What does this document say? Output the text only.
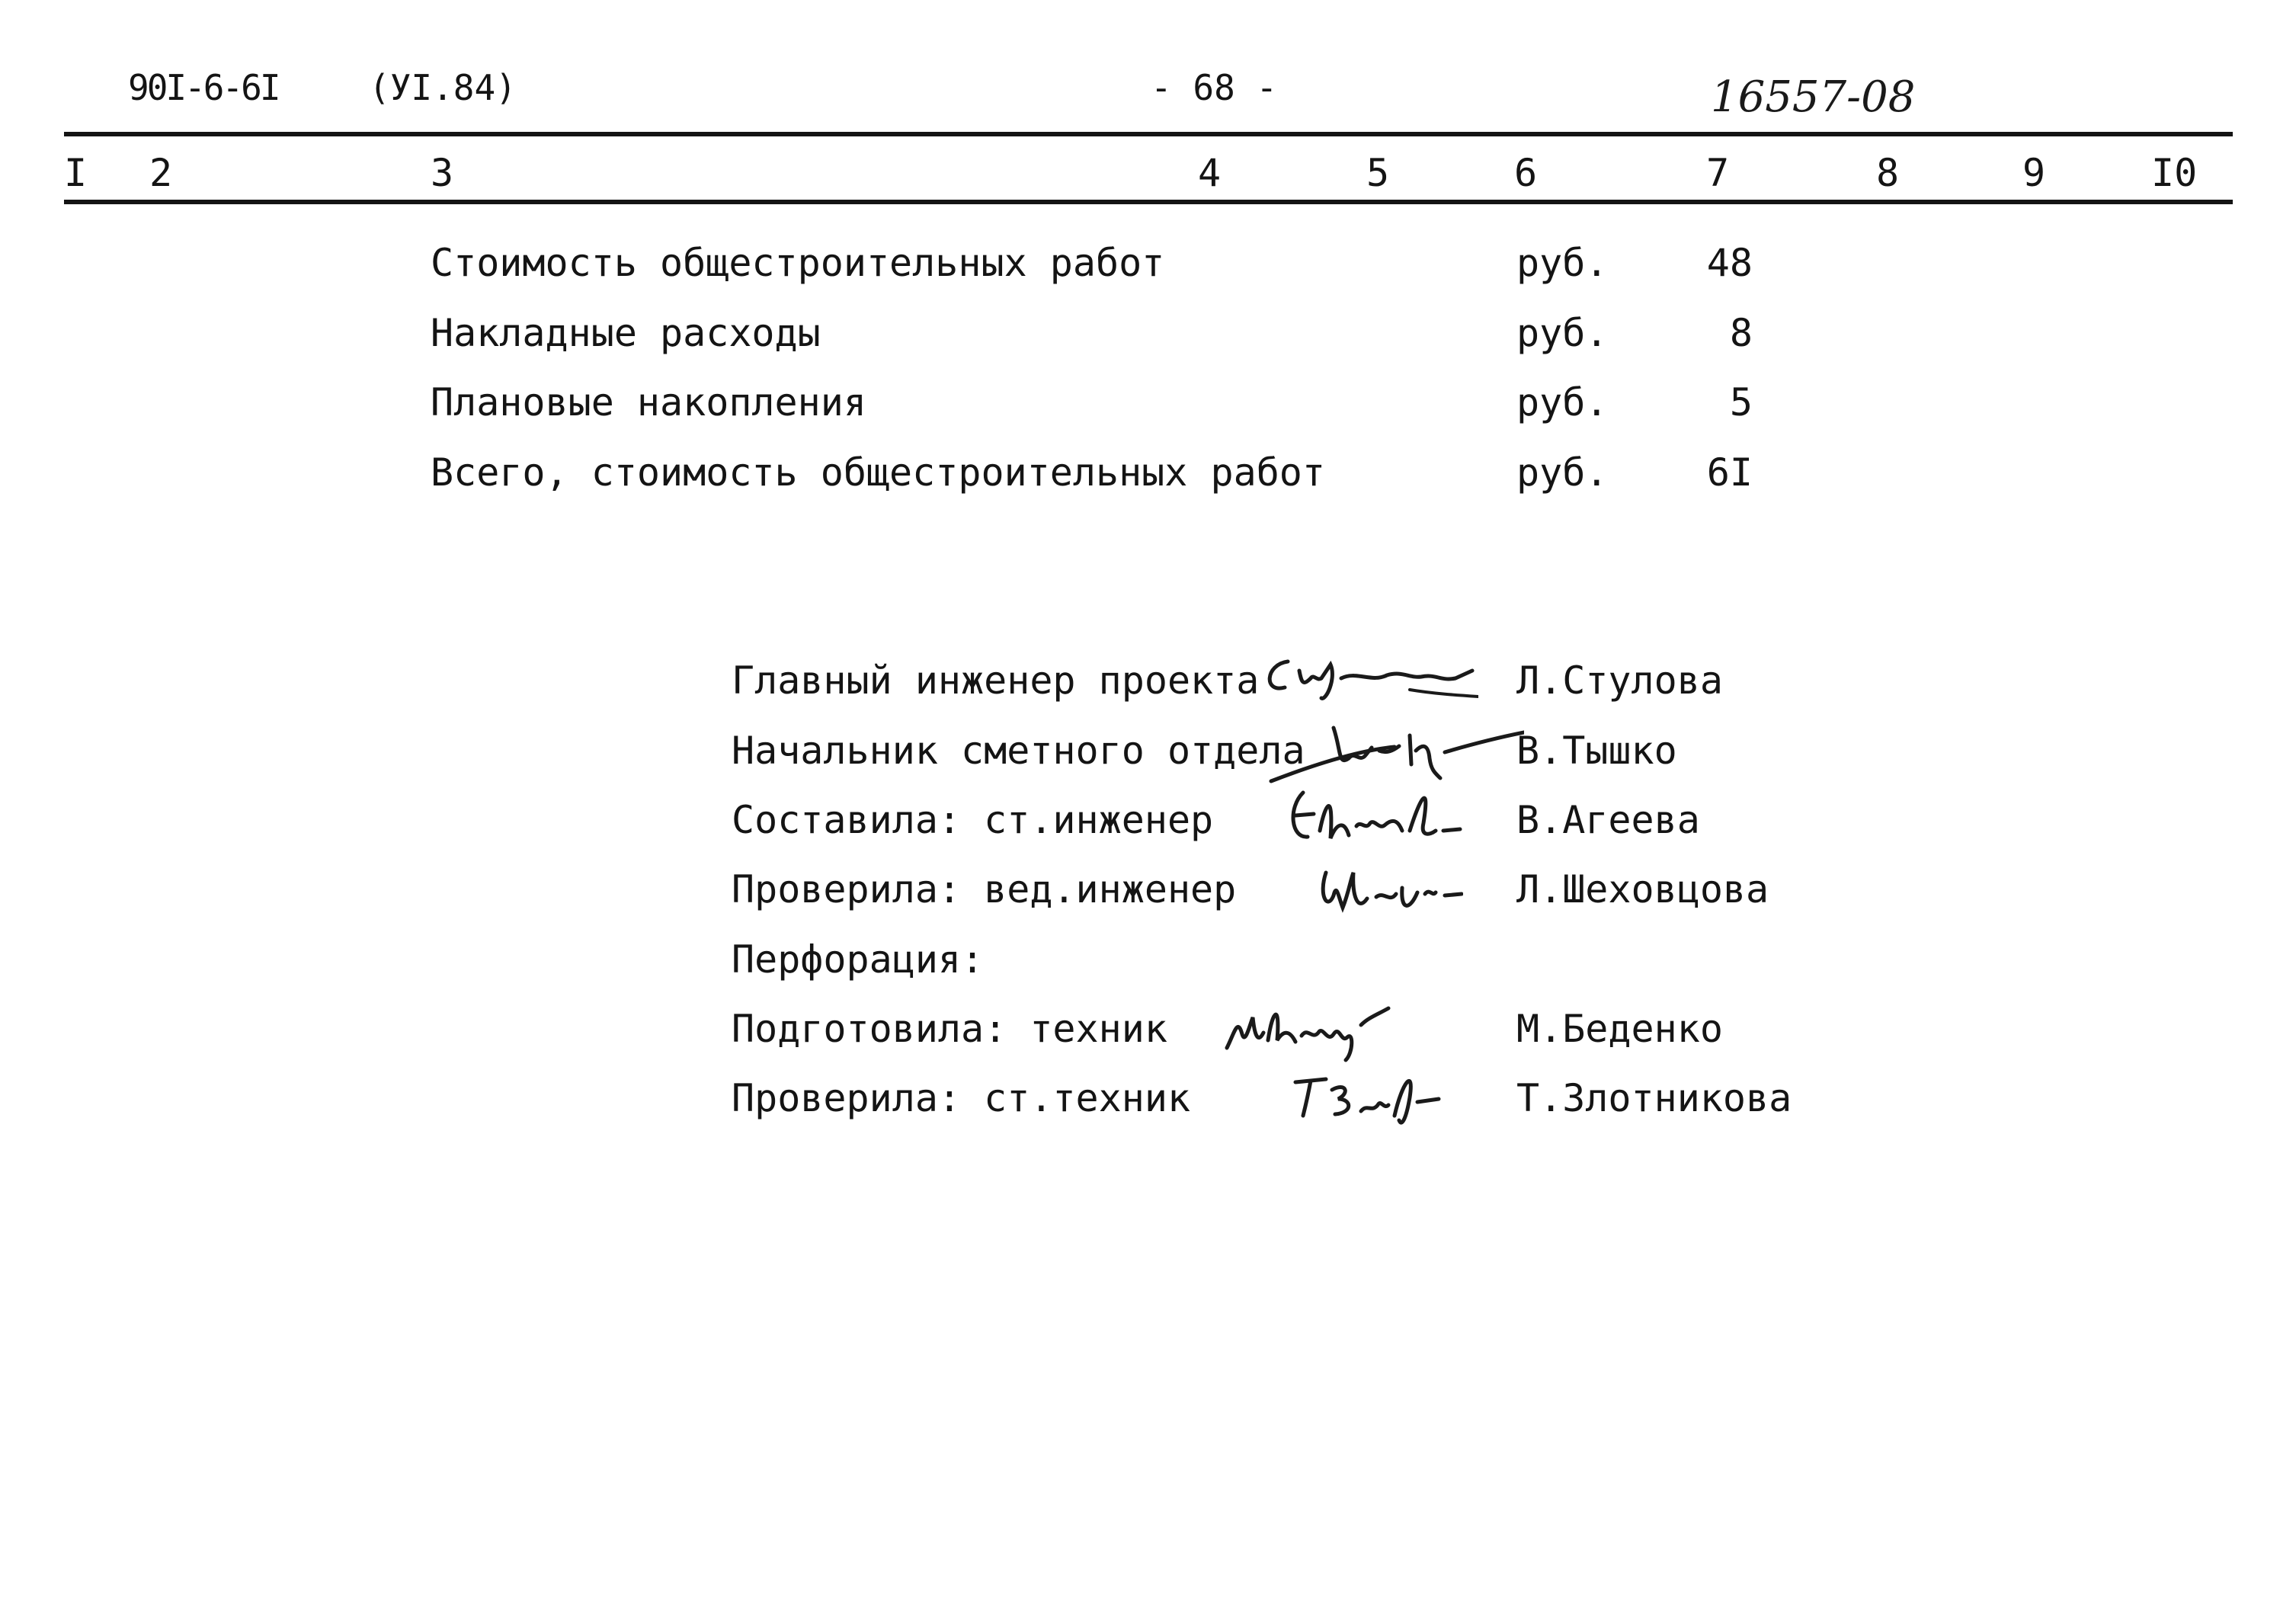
90I-6-6I	(УI.84)	- 68 -	16557-08
I 2	3	4	5	6	7	8	9	I0
Стоимость общестроительных работ	руб.	48
Накладные расходы	руб.	8
Плановые накопления	руб.	5
Всего, стоимость общестроительных работ	руб.	6I
Главный инженер проекта	Л.Стулова
Начальник сметного отдела	В.Тышко
Составила: ст.инженер	В.Агеева
Проверила: вед.инженер	Л.Шеховцова
Перфорация:
Подготовила: техник	М.Беденко
Проверила: ст.техник	Т.Злотникова
